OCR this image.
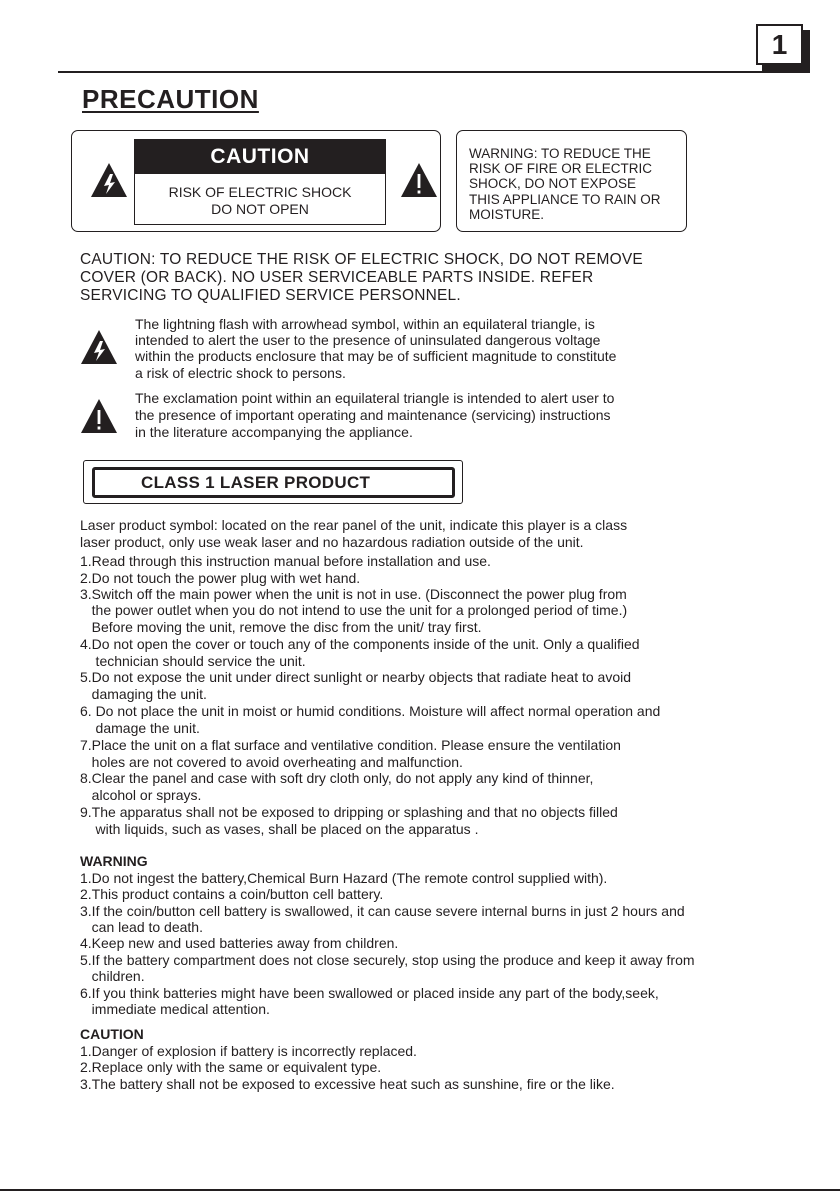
1
PRECAUTION
CAUTION
RISK OF ELECTRIC SHOCK
DO NOT OPEN
WARNING: TO REDUCE THE
RISK OF FIRE OR ELECTRIC
SHOCK, DO NOT EXPOSE
THIS APPLIANCE TO RAIN OR
MOISTURE.
CAUTION: TO REDUCE THE RISK OF ELECTRIC SHOCK, DO NOT REMOVE
COVER (OR BACK). NO USER SERVICEABLE PARTS INSIDE. REFER
SERVICING TO QUALIFIED SERVICE PERSONNEL.
The lightning flash with arrowhead symbol, within an equilateral triangle, is
intended to alert the user to the presence of uninsulated dangerous voltage
within the products enclosure that may be of sufficient magnitude to constitute
a risk of electric shock to persons.
The exclamation point within an equilateral triangle is intended to alert user to
the presence of important operating and maintenance (servicing) instructions
in the literature accompanying the appliance.
CLASS 1 LASER PRODUCT
Laser product symbol: located on the rear panel of the unit, indicate this player is a class
laser product, only use weak laser and no hazardous radiation outside of the unit.
1.Read through this instruction manual before installation and use.
2.Do not touch the power plug with wet hand.
3.Switch off the main power when the unit is not in use. (Disconnect the power plug from
the power outlet when you do not intend to use the unit for a prolonged period of time.)
Before moving the unit, remove the disc from the unit/ tray first.
4.Do not open the cover or touch any of the components inside of the unit. Only a qualified
technician should service the unit.
5.Do not expose the unit under direct sunlight or nearby objects that radiate heat to avoid
damaging the unit.
6. Do not place the unit in moist or humid conditions. Moisture will affect normal operation and
damage the unit.
7.Place the unit on a flat surface and ventilative condition. Please ensure the ventilation
holes are not covered to avoid overheating and malfunction.
8.Clear the panel and case with soft dry cloth only, do not apply any kind of thinner,
alcohol or sprays.
9.The apparatus shall not be exposed to dripping or splashing and that no objects filled
with liquids, such as vases, shall be placed on the apparatus .
WARNING
1.Do not ingest the battery,Chemical Burn Hazard (The remote control supplied with).
2.This product contains a coin/button cell battery.
3.If the coin/button cell battery is swallowed, it can cause severe internal burns in just 2 hours and
can lead to death.
4.Keep new and used batteries away from children.
5.If the battery compartment does not close securely, stop using the produce and keep it away from
children.
6.If you think batteries might have been swallowed or placed inside any part of the body,seek,
immediate medical attention.
CAUTION
1.Danger of explosion if battery is incorrectly replaced.
2.Replace only with the same or equivalent type.
3.The battery shall not be exposed to excessive heat such as sunshine, fire or the like.
